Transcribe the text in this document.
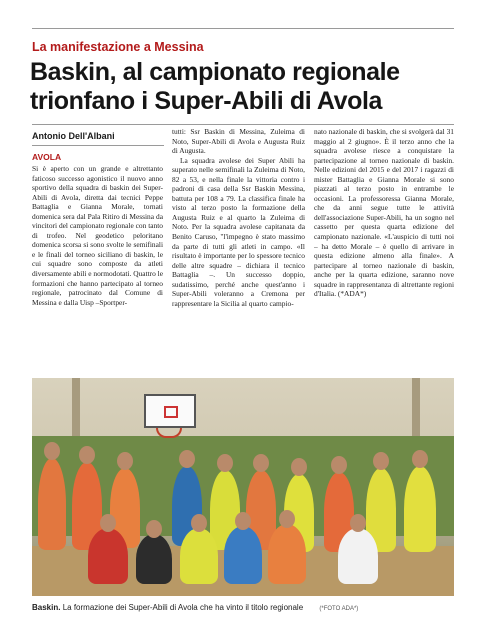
La manifestazione a Messina
Baskin, al campionato regionale
trionfano i Super-Abili di Avola
Antonio Dell'Albani
AVOLA

Si è aperto con un grande e altrettanto faticoso successo agonistico il nuovo anno sportivo della squadra di baskin dei Super-Abili di Avola, diretta dai tecnici Peppe Battaglia e Gianna Morale, tornati domenica sera dal Pala Ritiro di Messina da vincitori del campionato regionale con tanto di trofeo. Nel geodetico peloritano domenica scorsa si sono svolte le semifinali e le finali del torneo siciliano di baskin, le cui squadre sono composte da atleti diversamente abili e normodotati. Quattro le formazioni che hanno partecipato al torneo regionale, patrocinato dal Comune di Messina e dalla Uisp –Sportper-

tutti: Ssr Baskin di Messina, Zuleima di Noto, Super-Abili di Avola e Augusta Ruiz di Augusta.

La squadra avolese dei Super Abili ha superato nelle semifinali la Zuleima di Noto, 82 a 53, e nella finale la vittoria contro i padroni di casa della Ssr Baskin Messina, battuta per 108 a 79. La classifica finale ha visto al terzo posto la formazione della Augusta Ruiz e al quarto la Zuleima di Noto. Per la squadra avolese capitanata da Benito Caruso, "l'impegno è stato massimo da parte di tutti gli atleti in campo. «Il risultato è importante per lo spessore tecnico delle altre squadre – dichiara il tecnico Battaglia –. Un successo doppio, sudatissimo, perché anche quest'anno i Super-Abili voleranno a Cremona per rappresentare la Sicilia al quarto campio-

nato nazionale di baskin, che si svolgerà dal 31 maggio al 2 giugno». È il terzo anno che la squadra avolese riesce a conquistare la partecipazione al torneo nazionale di baskin. Nelle edizioni del 2015 e del 2017 i ragazzi di mister Battaglia e Gianna Morale si sono piazzati al terzo posto in entrambe le occasioni. La professoressa Gianna Morale, che da anni segue tutte le attività dell'associazione Super-Abili, ha un sogno nel cassetto per questa quarta edizione del campionato nazionale. «L'auspicio di tutti noi – ha detto Morale – è quello di arrivare in questa edizione almeno alla finale». A partecipare al torneo nazionale di baskin, anche per la quarta edizione, saranno nove squadre in rappresentanza di altrettante regioni d'Italia. (*ADA*)

Baskin. La formazione dei Super-Abili di Avola che ha vinto il titolo regionale	(*FOTO ADA*)
